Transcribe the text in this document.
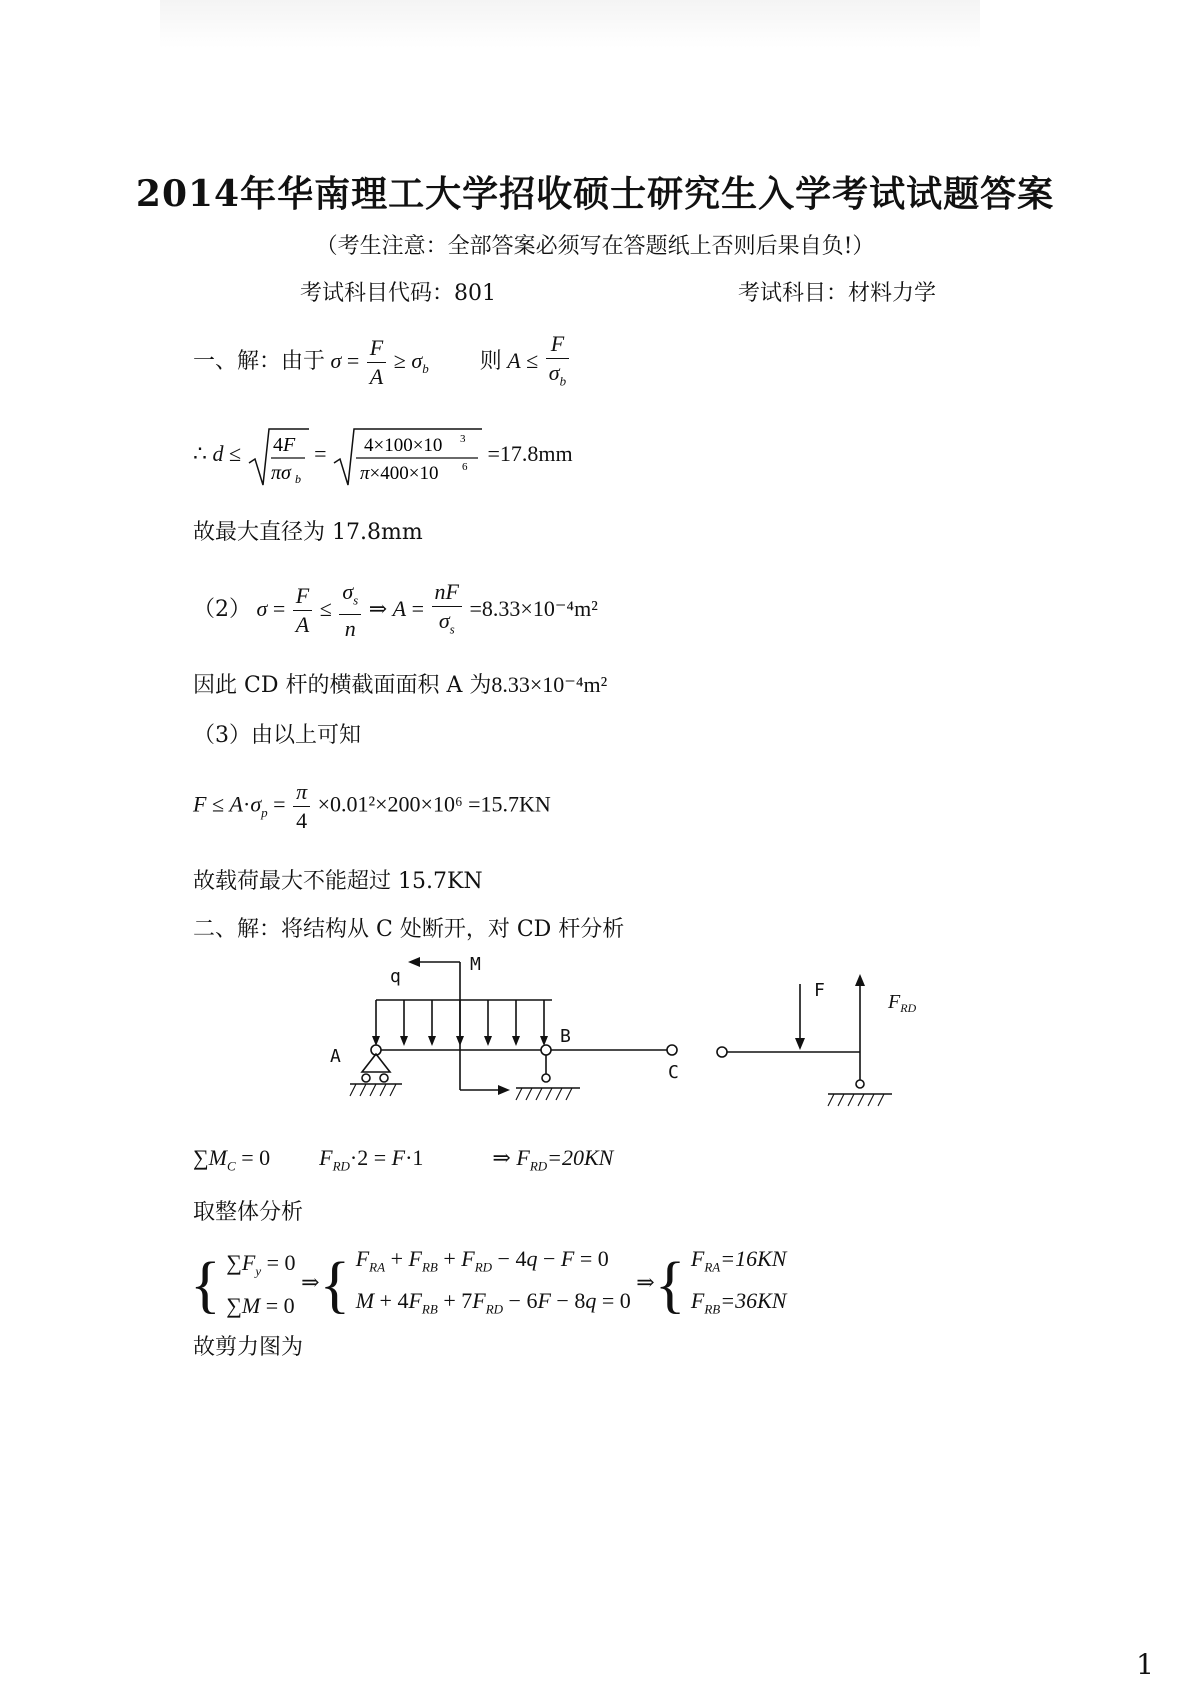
2014年华南理工大学招收硕士研究生入学考试试题答案
（考生注意：全部答案必须写在答题纸上否则后果自负!）
考试科目代码：801	考试科目：材料力学
一、解：由于 $\sigma = \frac{F}{A} \ge \sigma_b$ 则 $A \le \frac{F}{\sigma_b}$
∴ d ≤ 4F
πσ b
= 4×100×10 3
π×400×10 6
=17.8mm
故最大直径为 17.8mm
（2） $\sigma = \frac{F}{A} \le \frac{\sigma_s}{n}$ ⇒ $A = \frac{nF}{\sigma_s} =8.33\times 10^{-4}m^2$
因此 CD 杆的横截面面积 A 为8.33×10⁻⁴m²
（3）由以上可知
$F \le A\cdot\sigma_p = \frac{\pi}{4} \times 0.01^2\times 200\times 10^6 =15.7KN$
故载荷最大不能超过 15.7KN
二、解：将结构从 C 处断开，对 CD 杆分析
q
M
A
B
C
F
$F_{RD}$
$\sum M_C = 0$  $F_{RD}\cdot 2 = F\cdot 1$	⇒ $F_{RD}=20KN$
取整体分析
{ $\sum F_y = 0$
∑M = 0 ⇒{ $F_{RA} + F_{RB} + F_{RD} - 4q - F = 0$
$M + 4F_{RB} + 7F_{RD} - 6F - 8q = 0$ ⇒{ $F_{RA}=16KN$
$F_{RB}=36KN$
故剪力图为
1
